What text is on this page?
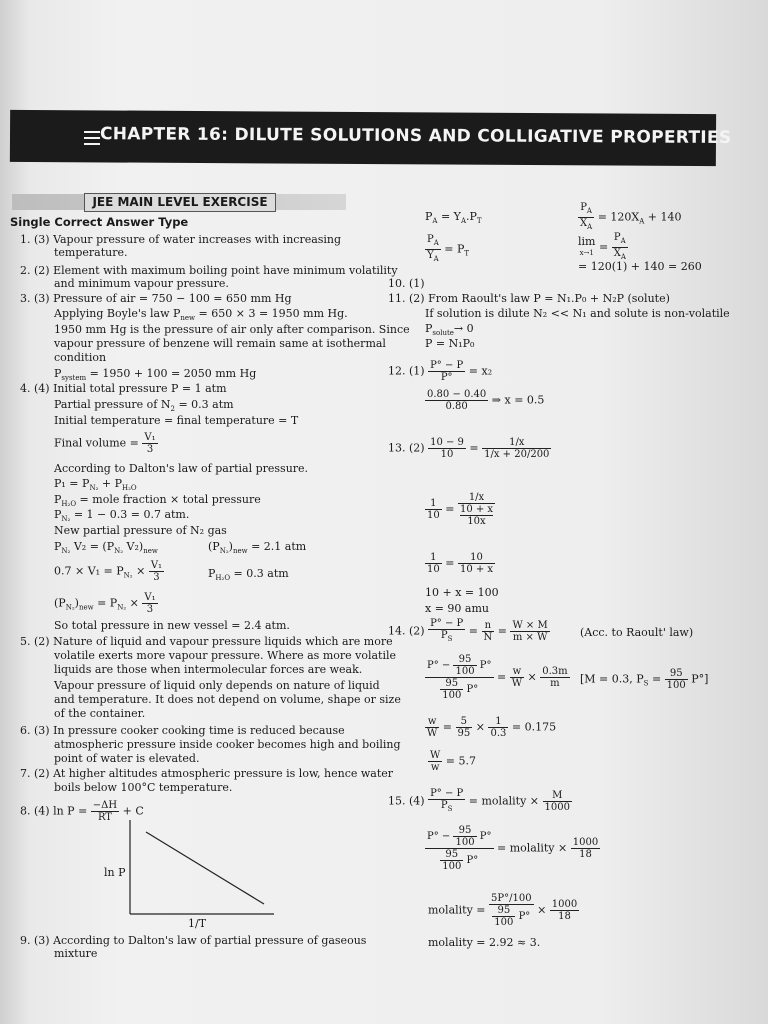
CHAPTER 16: DILUTE SOLUTIONS AND COLLIGATIVE PROPERTIES
JEE MAIN LEVEL EXERCISE
Single Correct Answer Type
1. (3) Vapour pressure of water increases with increasing
temperature.
2. (2) Element with maximum boiling point have minimum volatility
and minimum vapour pressure.
3. (3) Pressure of air = 750 − 100 = 650 mm Hg
Applying Boyle's law $P_{new} = 650 \times 3 = 1950$ mm Hg.
1950 mm Hg is the pressure of air only after comparison. Since
vapour pressure of benzene will remain same at isothermal
condition
$P_{system} = 1950 + 100 = 2050$ mm Hg
4. (4) Initial total pressure P = 1 atm
Partial pressure of $N_2 = 0.3$ atm
Initial temperature = final temperature = T
Final volume = $\frac{\text{V₁}}{3}$
According to Dalton's law of partial pressure.
$P_1 = P_{N_2} + P_{H_2O}$
$P_{H_2O}$ = mole fraction × total pressure
$P_{N_2} = 1 - 0.3 = 0.7$ atm.
New partial pressure of N₂ gas
$P_{N_2}$ $V_2 = (P_{N_2}$ $V_2)_{new}$	$(P_{N_2})_{new} = 2.1$ atm
$0.7 \times V_1 = P_{N_2} \times \frac{\text{V₁}}{3}$	$P_{H_2O} = 0.3$ atm
$(P_{N_2})_{new} = P_{N_2} \times \frac{\text{V₁}}{3}$
So total pressure in new vessel = 2.4 atm.
5. (2) Nature of liquid and vapour pressure liquids which are more
volatile exerts more vapour pressure. Where as more volatile
liquids are those when intermolecular forces are weak.
Vapour pressure of liquid only depends on nature of liquid
and temperature. It does not depend on volume, shape or size
of the container.
6. (3) In pressure cooker cooking time is reduced because
atmospheric pressure inside cooker becomes high and boiling
point of water is elevated.
7. (2) At higher altitudes atmospheric pressure is low, hence water
boils below 100°C temperature.
8. (4) $\ln P = \frac{-\Delta H}{RT} + C$
ln P
1/T
9. (3) According to Dalton's law of partial pressure of gaseous
mixture
$P_A = Y_A.P_T$
$\frac{P_A}{Y_A} = P_T$
$\frac{P_A}{X_A} = 120X_A + 140$
lim
$x\to 1 = \frac{P_A}{X_A}$
= 120(1) + 140 = 260
10. (1)
11. (2) From Raoult's law P = N₁.P₀ + N₂P (solute)
If solution is dilute N₂ << N₁ and solute is non-volatile
$P_{solute}\to 0$
P = N₁P₀
12. $(1) \frac{P^\circ - P}{P^\circ} = x_2$
$\frac{0.80 - 0.40}{0.80}$ ⇒ x = 0.5
13. $(2) \frac{10 - 9}{10} = \frac{1/x}{1/x + 20/200}$
$\frac{1}{10} = 1/x$
10 + x
10x
$\frac{1}{10} = \frac{10}{10 + x}$
10 + x = 100
x = 90 amu
14. $(2) \frac{P^\circ - P}{P_S} = \frac{n}{N} = \frac{W \times M}{m \times W}$	(Acc. to Raoult' law)
$\frac{P^\circ - \frac{95}{100} P^\circ}{\frac{95}{100} P^\circ} = \frac{w}{W} \times \frac{0.3m}{m} [M = 0.3$, $P_S = \frac{95}{100} P^\circ$]
$\frac{w}{W} = \frac{5}{95} \times \frac{1}{0.3} = 0.175$
$\frac{W}{w} = 5.7$
15. $(4) \frac{P^\circ - P}{P_S}$ = molality × $\frac{M}{1000}$
$\frac{P^\circ - \frac{95}{100} P^\circ}{\frac{95}{100} P^\circ}$ = molality × $\frac{1000}{18}$
molality = $\frac{5P^\circ/100}{\frac{95}{100} P^\circ} \times \frac{1000}{18}$
molality = 2.92 ≈ 3.
